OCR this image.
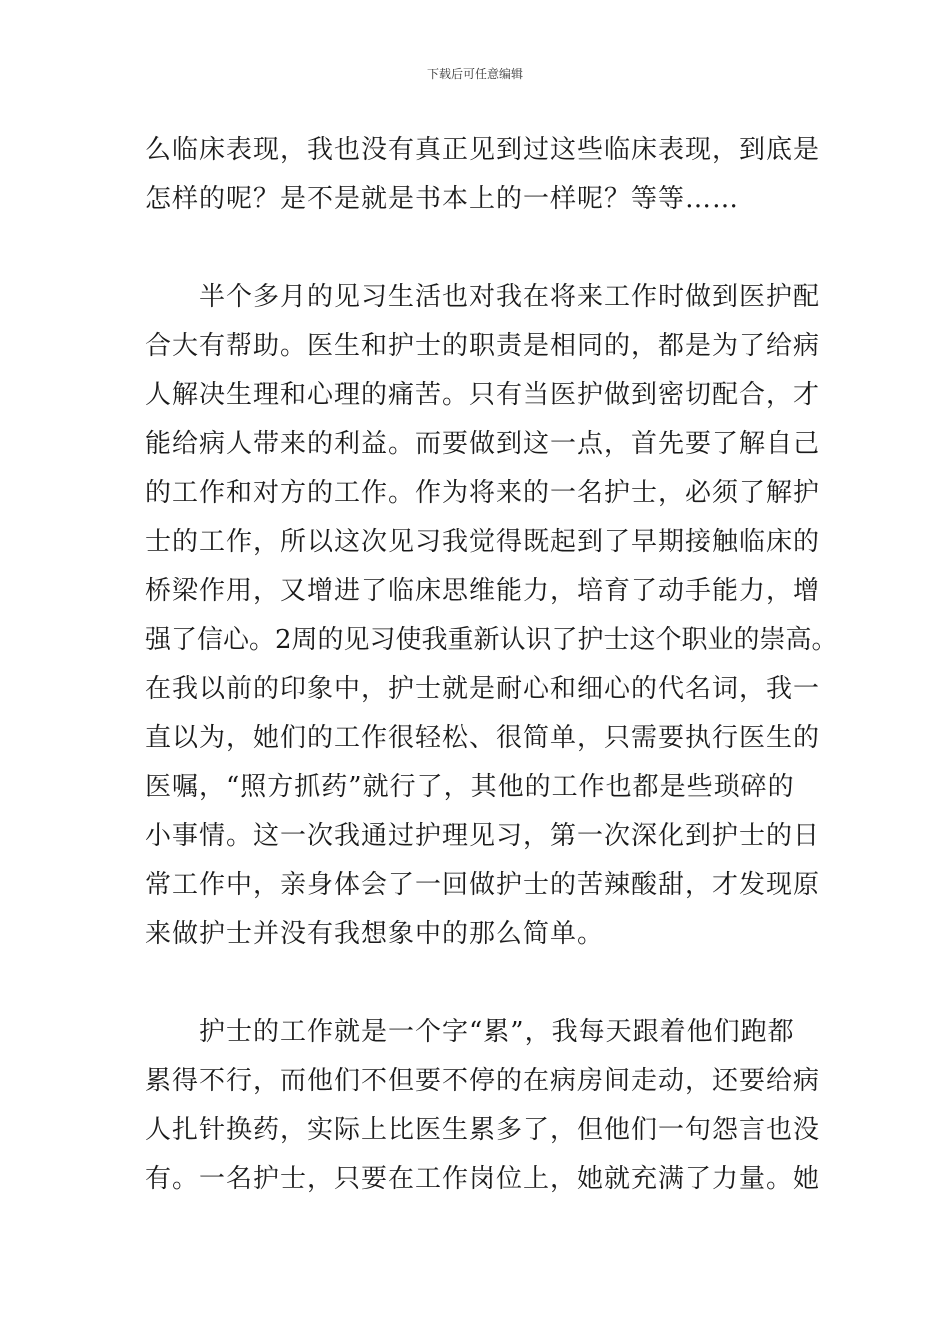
下载后可任意编辑
么临床表现，我也没有真正见到过这些临床表现，到底是
怎样的呢？是不是就是书本上的一样呢？等等……
半个多月的见习生活也对我在将来工作时做到医护配
合大有帮助。医生和护士的职责是相同的，都是为了给病
人解决生理和心理的痛苦。只有当医护做到密切配合，才
能给病人带来的利益。而要做到这一点，首先要了解自己
的工作和对方的工作。作为将来的一名护士，必须了解护
士的工作，所以这次见习我觉得既起到了早期接触临床的
桥梁作用，又增进了临床思维能力，培育了动手能力，增
强了信心。2周的见习使我重新认识了护士这个职业的崇高。
在我以前的印象中，护士就是耐心和细心的代名词，我一
直以为，她们的工作很轻松、很简单，只需要执行医生的
医嘱，“照方抓药”就行了，其他的工作也都是些琐碎的
小事情。这一次我通过护理见习，第一次深化到护士的日
常工作中，亲身体会了一回做护士的苦辣酸甜，才发现原
来做护士并没有我想象中的那么简单。
护士的工作就是一个字“累”，我每天跟着他们跑都
累得不行，而他们不但要不停的在病房间走动，还要给病
人扎针换药，实际上比医生累多了，但他们一句怨言也没
有。一名护士，只要在工作岗位上，她就充满了力量。她
